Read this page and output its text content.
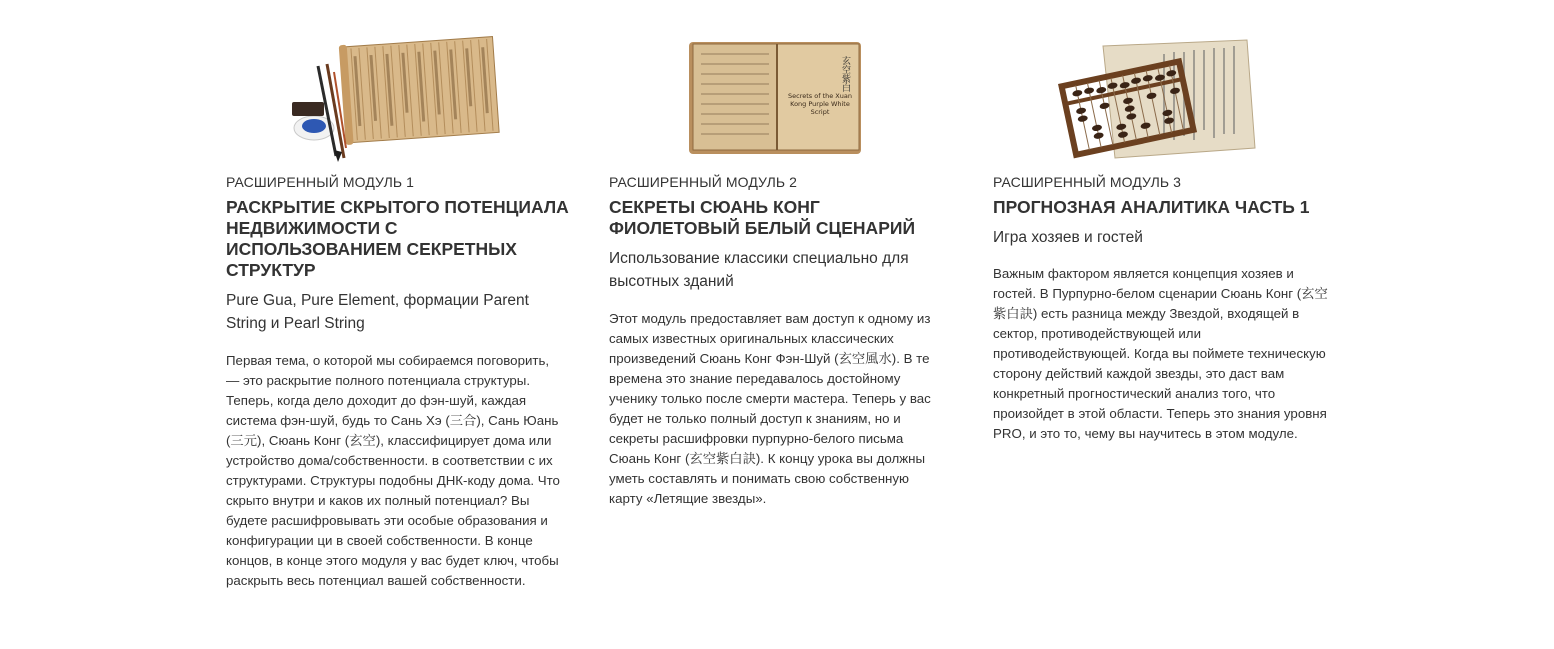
РАСШИРЕННЫЙ МОДУЛЬ 1
РАСКРЫТИЕ СКРЫТОГО ПОТЕНЦИАЛА НЕДВИЖИМОСТИ С ИСПОЛЬЗОВАНИЕМ СЕКРЕТНЫХ СТРУКТУР
Pure Gua, Pure Element, формации Parent String и Pearl String

Первая тема, о которой мы собираемся поговорить, — это раскрытие полного потенциала структуры. Теперь, когда дело доходит до фэн-шуй, каждая система фэн-шуй, будь то Сань Хэ (三合), Сань Юань (三元), Сюань Конг (玄空), классифицирует дома или устройство дома/собственности. в соответствии с их структурами. Структуры подобны ДНК-коду дома. Что скрыто внутри и каков их полный потенциал? Вы будете расшифровывать эти особые образования и конфигурации ци в своей собственности. В конце концов, в конце этого модуля у вас будет ключ, чтобы раскрыть весь потенциал вашей собственности.

玄空紫白
Secrets of the Xuan Kong Purple White Script
РАСШИРЕННЫЙ МОДУЛЬ 2
СЕКРЕТЫ СЮАНЬ КОНГ ФИОЛЕТОВЫЙ БЕЛЫЙ СЦЕНАРИЙ
Использование классики специально для высотных зданий

Этот модуль предоставляет вам доступ к одному из самых известных оригинальных классических произведений Сюань Конг Фэн-Шуй (玄空風水). В те времена это знание передавалось достойному ученику только после смерти мастера. Теперь у вас будет не только полный доступ к знаниям, но и секреты расшифровки пурпурно-белого письма Сюань Конг (玄空紫白訣). К концу урока вы должны уметь составлять и понимать свою собственную карту «Летящие звезды».

РАСШИРЕННЫЙ МОДУЛЬ 3
ПРОГНОЗНАЯ АНАЛИТИКА ЧАСТЬ 1
Игра хозяев и гостей

Важным фактором является концепция хозяев и гостей. В Пурпурно-белом сценарии Сюань Конг (玄空紫白訣) есть разница между Звездой, входящей в сектор, противодействующей или противодействующей. Когда вы поймете техническую сторону действий каждой звезды, это даст вам конкретный прогностический анализ того, что произойдет в этой области. Теперь это знания уровня PRO, и это то, чему вы научитесь в этом модуле.
